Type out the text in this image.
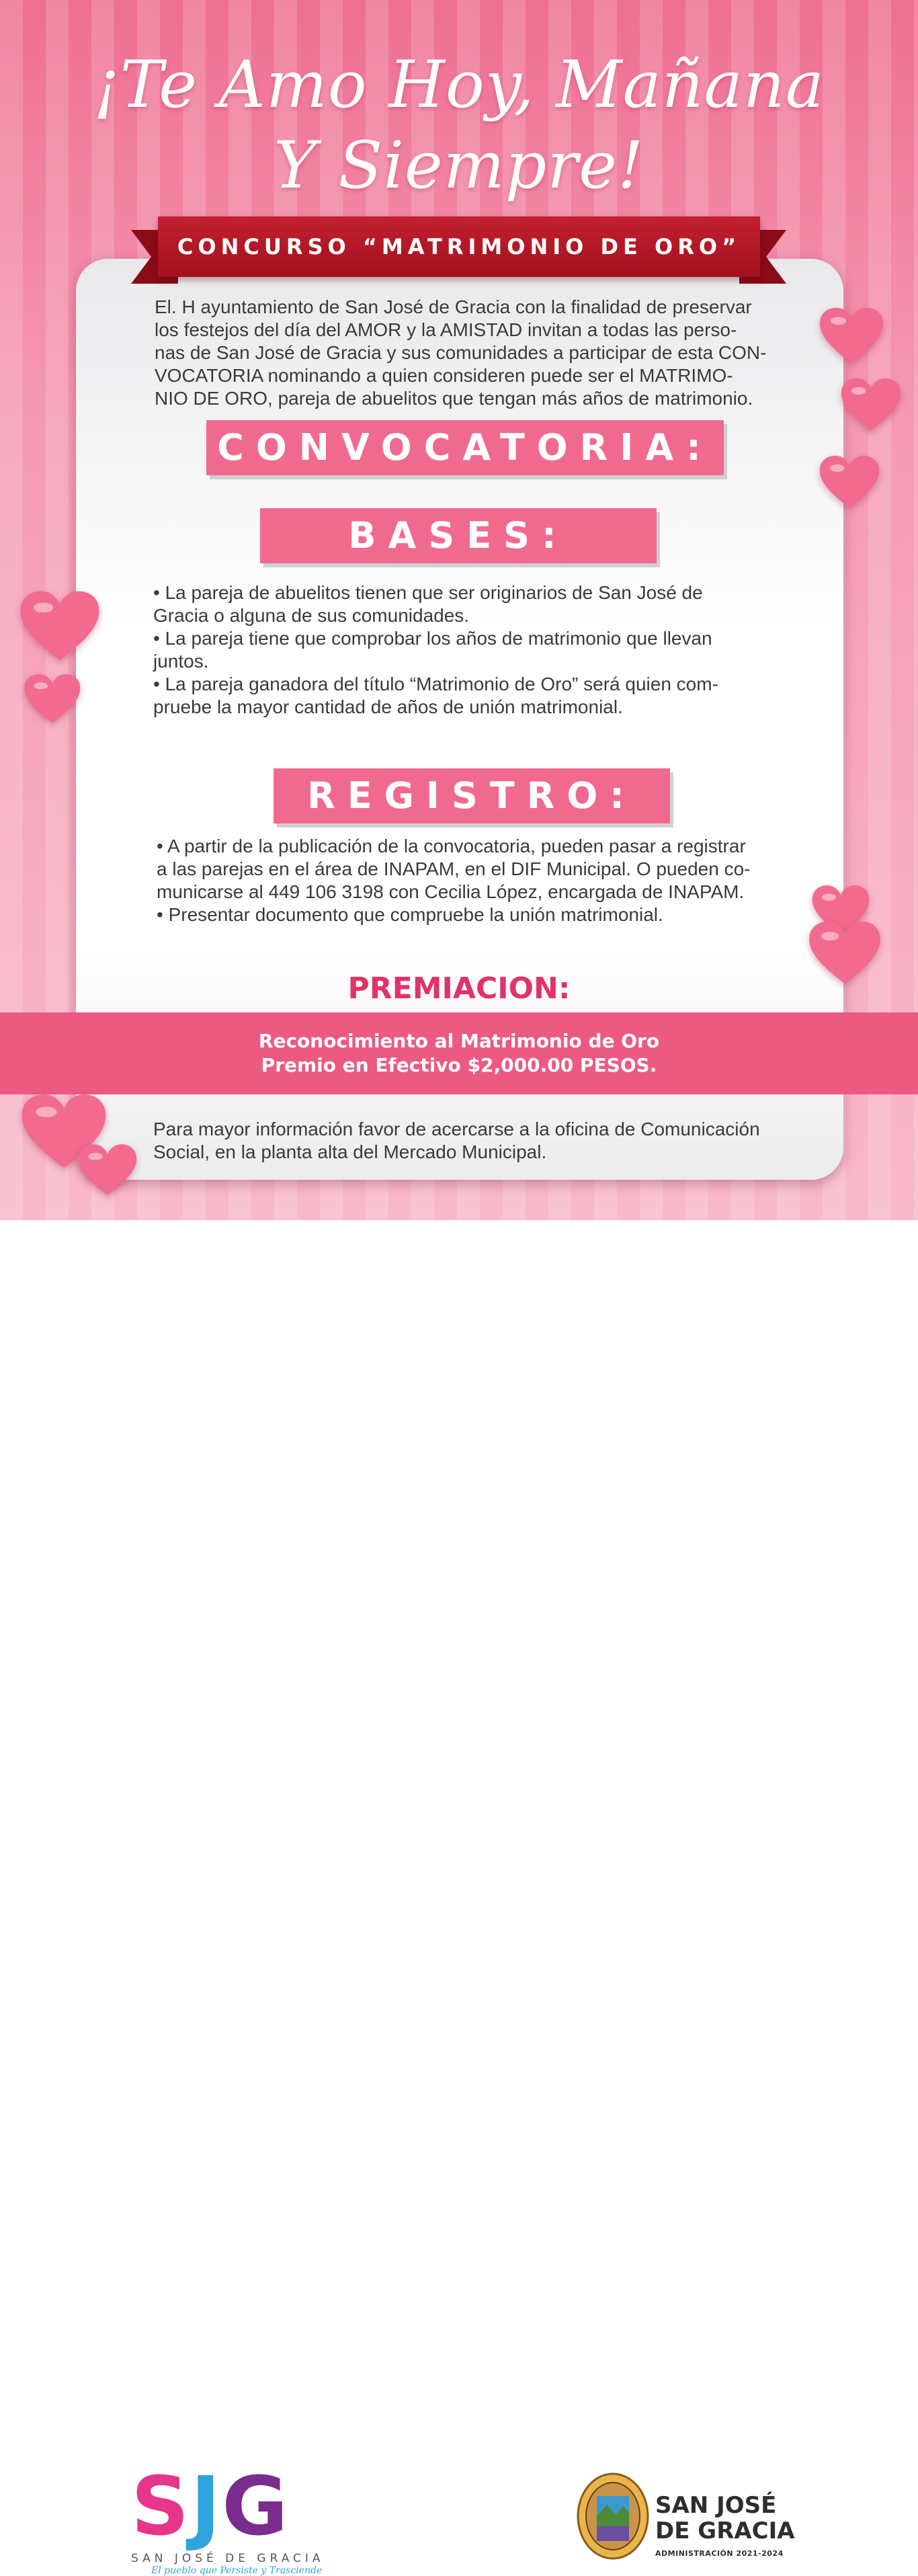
¡Te Amo Hoy, Mañana
Y Siempre!
CONCURSO “MATRIMONIO DE ORO”
El. H ayuntamiento de San José de Gracia con la finalidad de preservar
los festejos del día del AMOR y la AMISTAD invitan a todas las perso-
nas de San José de Gracia y sus comunidades a participar de esta CON-
VOCATORIA nominando a quien consideren puede ser el MATRIMO-
NIO DE ORO, pareja de abuelitos que tengan más años de matrimonio.
CONVOCATORIA:
BASES:
• La pareja de abuelitos tienen que ser originarios de San José de
Gracia o alguna de sus comunidades.
• La pareja tiene que comprobar los años de matrimonio que llevan
juntos.
• La pareja ganadora del título “Matrimonio de Oro” será quien com-
pruebe la mayor cantidad de años de unión matrimonial.
REGISTRO:
• A partir de la publicación de la convocatoria, pueden pasar a registrar
a las parejas en el área de INAPAM, en el DIF Municipal. O pueden co-
municarse al 449 106 3198 con Cecilia López, encargada de INAPAM.
• Presentar documento que compruebe la unión matrimonial.
PREMIACION:
Reconocimiento al Matrimonio de Oro
Premio en Efectivo $2,000.00 PESOS.
Para mayor información favor de acercarse a la oficina de Comunicación
Social, en la planta alta del Mercado Municipal.
SJG
SAN JOSÉ DE GRACIA
El pueblo que Persiste y Trasciende
SAN JOSÉ
DE GRACIA
ADMINISTRACIÓN 2021-2024
